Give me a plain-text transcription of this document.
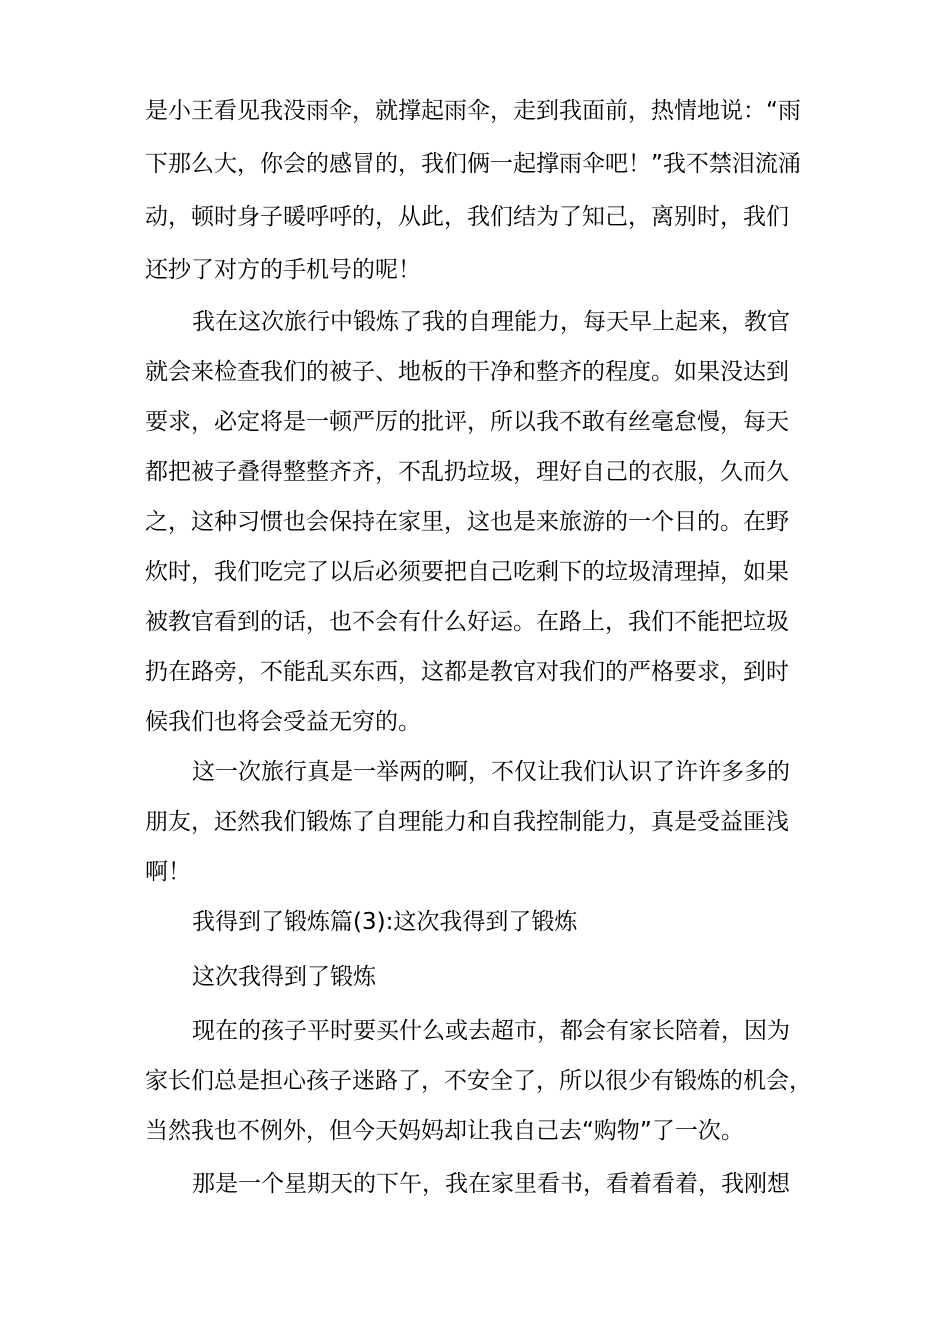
是小王看见我没雨伞，就撑起雨伞，走到我面前，热情地说：“雨
下那么大，你会的感冒的，我们俩一起撑雨伞吧！”我不禁泪流涌
动，顿时身子暖呼呼的，从此，我们结为了知己，离别时，我们
还抄了对方的手机号的呢！
我在这次旅行中锻炼了我的自理能力，每天早上起来，教官
就会来检查我们的被子、地板的干净和整齐的程度。如果没达到
要求，必定将是一顿严厉的批评，所以我不敢有丝毫怠慢，每天
都把被子叠得整整齐齐，不乱扔垃圾，理好自己的衣服，久而久
之，这种习惯也会保持在家里，这也是来旅游的一个目的。在野
炊时，我们吃完了以后必须要把自己吃剩下的垃圾清理掉，如果
被教官看到的话，也不会有什么好运。在路上，我们不能把垃圾
扔在路旁，不能乱买东西，这都是教官对我们的严格要求，到时
候我们也将会受益无穷的。
这一次旅行真是一举两的啊，不仅让我们认识了许许多多的
朋友，还然我们锻炼了自理能力和自我控制能力，真是受益匪浅
啊！
我得到了锻炼篇(3):这次我得到了锻炼
这次我得到了锻炼
现在的孩子平时要买什么或去超市，都会有家长陪着，因为
家长们总是担心孩子迷路了，不安全了，所以很少有锻炼的机会，
当然我也不例外，但今天妈妈却让我自己去“购物”了一次。
那是一个星期天的下午，我在家里看书，看着看着，我刚想
